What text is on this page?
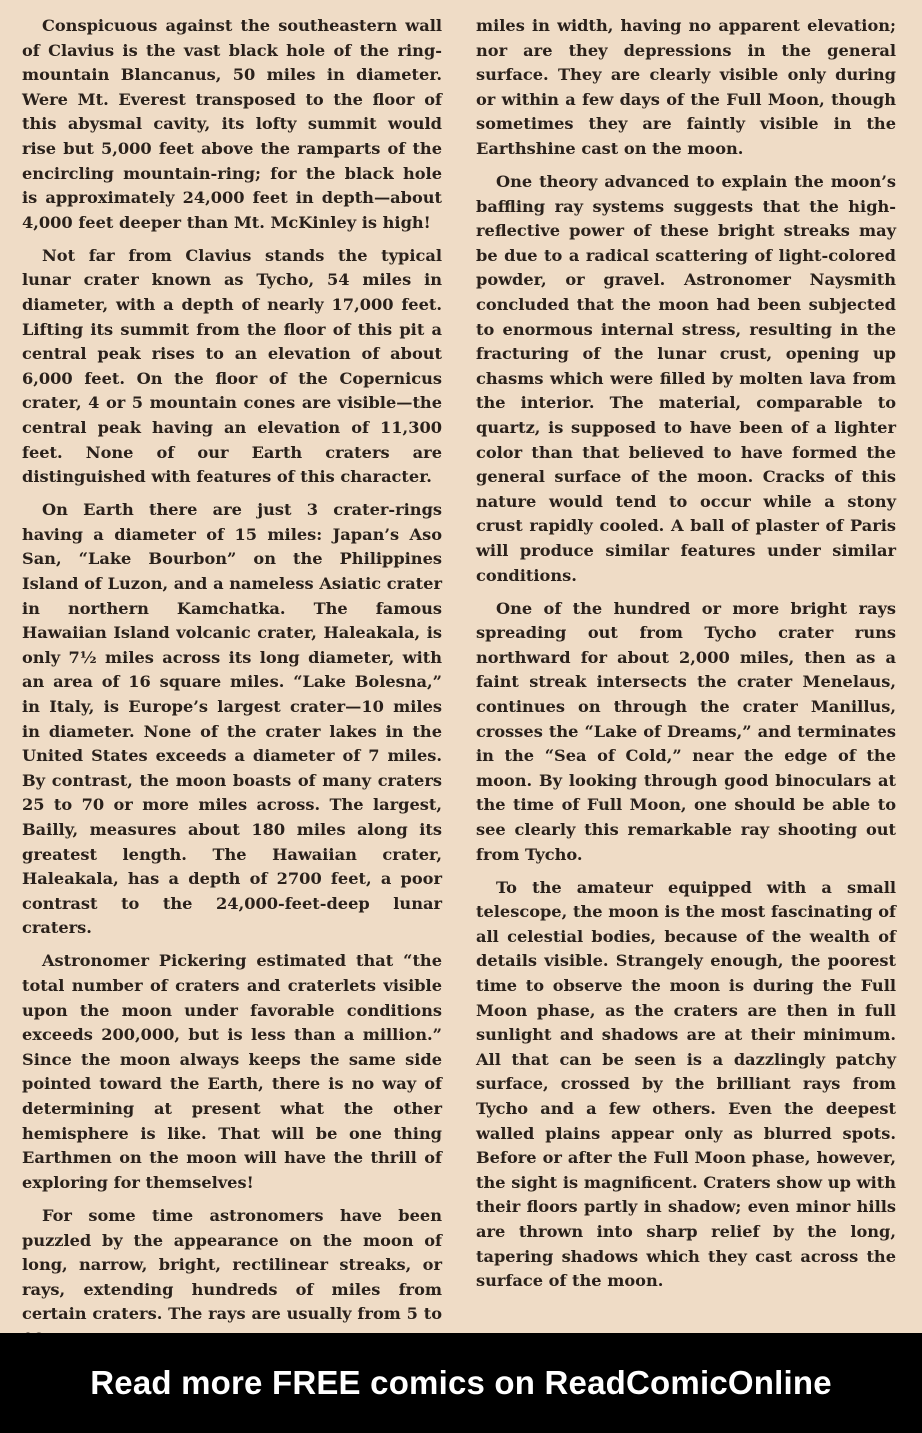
Conspicuous against the southeastern wall of Clavius is the vast black hole of the ring-mountain Blancanus, 50 miles in diameter. Were Mt. Everest transposed to the floor of this abysmal cavity, its lofty summit would rise but 5,000 feet above the ramparts of the encircling mountain-ring; for the black hole is approximately 24,000 feet in depth—about 4,000 feet deeper than Mt. McKinley is high!

Not far from Clavius stands the typical lunar crater known as Tycho, 54 miles in diameter, with a depth of nearly 17,000 feet. Lifting its summit from the floor of this pit a central peak rises to an elevation of about 6,000 feet. On the floor of the Copernicus crater, 4 or 5 mountain cones are visible—the central peak having an elevation of 11,300 feet. None of our Earth craters are distinguished with features of this character.

On Earth there are just 3 crater-rings having a diameter of 15 miles: Japan’s Aso San, “Lake Bourbon” on the Philippines Island of Luzon, and a nameless Asiatic crater in northern Kamchatka. The famous Hawaiian Island volcanic crater, Haleakala, is only 7½ miles across its long diameter, with an area of 16 square miles. “Lake Bolesna,” in Italy, is Europe’s largest crater—10 miles in diameter. None of the crater lakes in the United States exceeds a diameter of 7 miles. By contrast, the moon boasts of many craters 25 to 70 or more miles across. The largest, Bailly, measures about 180 miles along its greatest length. The Hawaiian crater, Haleakala, has a depth of 2700 feet, a poor contrast to the 24,000-feet-deep lunar craters.

Astronomer Pickering estimated that “the total number of craters and craterlets visible upon the moon under favorable conditions exceeds 200,000, but is less than a million.” Since the moon always keeps the same side pointed toward the Earth, there is no way of determining at present what the other hemisphere is like. That will be one thing Earthmen on the moon will have the thrill of exploring for themselves!

For some time astronomers have been puzzled by the appearance on the moon of long, narrow, bright, rectilinear streaks, or rays, extending hundreds of miles from certain craters. The rays are usually from 5 to

miles in width, having no apparent elevation; nor are they depressions in the general surface. They are clearly visible only during or within a few days of the Full Moon, though sometimes they are faintly visible in the Earthshine cast on the moon.

One theory advanced to explain the moon’s baffling ray systems suggests that the high-reflective power of these bright streaks may be due to a radical scattering of light-colored powder, or gravel. Astronomer Naysmith concluded that the moon had been subjected to enormous internal stress, resulting in the fracturing of the lunar crust, opening up chasms which were filled by molten lava from the interior. The material, comparable to quartz, is supposed to have been of a lighter color than that believed to have formed the general surface of the moon. Cracks of this nature would tend to occur while a stony crust rapidly cooled. A ball of plaster of Paris will produce similar features under similar conditions.

One of the hundred or more bright rays spreading out from Tycho crater runs northward for about 2,000 miles, then as a faint streak intersects the crater Menelaus, continues on through the crater Manillus, crosses the “Lake of Dreams,” and terminates in the “Sea of Cold,” near the edge of the moon. By looking through good binoculars at the time of Full Moon, one should be able to see clearly this remarkable ray shooting out from Tycho.

To the amateur equipped with a small telescope, the moon is the most fascinating of all celestial bodies, because of the wealth of details visible. Strangely enough, the poorest time to observe the moon is during the Full Moon phase, as the craters are then in full sunlight and shadows are at their minimum. All that can be seen is a dazzlingly patchy surface, crossed by the brilliant rays from Tycho and a few others. Even the deepest walled plains appear only as blurred spots. Before or after the Full Moon phase, however, the sight is magnificent. Craters show up with their floors partly in shadow; even minor hills are thrown into sharp relief by the long, tapering shadows which they cast across the surface of the moon.

Read more FREE comics on ReadComicOnline
